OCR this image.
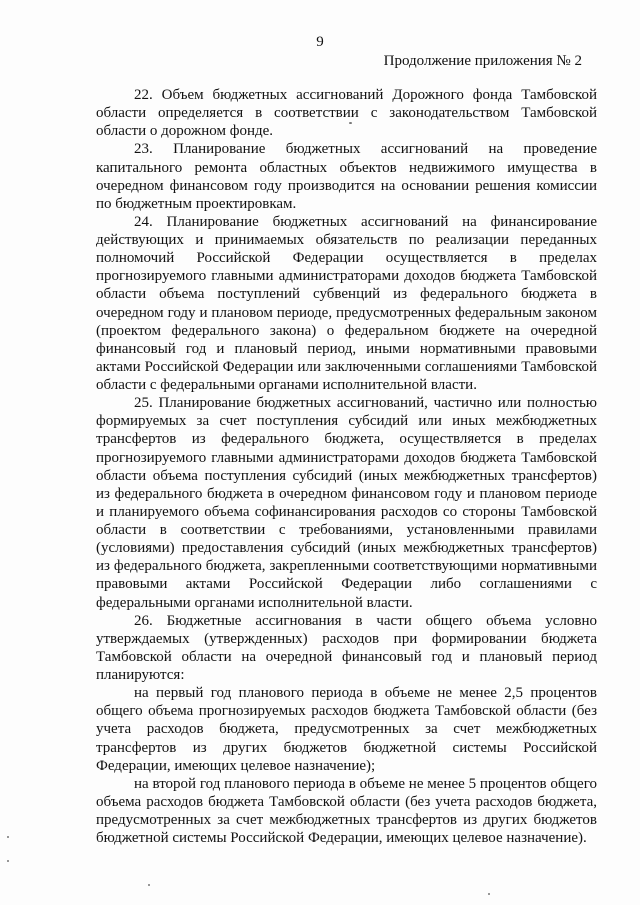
9
Продолжение приложения № 2

22. Объем бюджетных ассигнований Дорожного фонда Тамбовской области определяется в соответствии с законодательством Тамбовской области о дорожном фонде.

23. Планирование бюджетных ассигнований на проведение капитального ремонта областных объектов недвижимого имущества в очередном финансовом году производится на основании решения комиссии по бюджетным проектировкам.

24. Планирование бюджетных ассигнований на финансирование действующих и принимаемых обязательств по реализации переданных полномочий Российской Федерации осуществляется в пределах прогнозируемого главными администраторами доходов бюджета Тамбовской области объема поступлений субвенций из федерального бюджета в очередном году и плановом периоде, предусмотренных федеральным законом (проектом федерального закона) о федеральном бюджете на очередной финансовый год и плановый период, иными нормативными правовыми актами Российской Федерации или заключенными соглашениями Тамбовской области с федеральными органами исполнительной власти.

25. Планирование бюджетных ассигнований, частично или полностью формируемых за счет поступления субсидий или иных межбюджетных трансфертов из федерального бюджета, осуществляется в пределах прогнозируемого главными администраторами доходов бюджета Тамбовской области объема поступления субсидий (иных межбюджетных трансфертов) из федерального бюджета в очередном финансовом году и плановом периоде и планируемого объема софинансирования расходов со стороны Тамбовской области в соответствии с требованиями, установленными правилами (условиями) предоставления субсидий (иных межбюджетных трансфертов) из федерального бюджета, закрепленными соответствующими нормативными правовыми актами Российской Федерации либо соглашениями с федеральными органами исполнительной власти.

26. Бюджетные ассигнования в части общего объема условно утверждаемых (утвержденных) расходов при формировании бюджета Тамбовской области на очередной финансовый год и плановый период планируются:

на первый год планового периода в объеме не менее 2,5 процентов общего объема прогнозируемых расходов бюджета Тамбовской области (без учета расходов бюджета, предусмотренных за счет межбюджетных трансфертов из других бюджетов бюджетной системы Российской Федерации, имеющих целевое назначение);

на второй год планового периода в объеме не менее 5 процентов общего объема расходов бюджета Тамбовской области (без учета расходов бюджета, предусмотренных за счет межбюджетных трансфертов из других бюджетов бюджетной системы Российской Федерации, имеющих целевое назначение).
